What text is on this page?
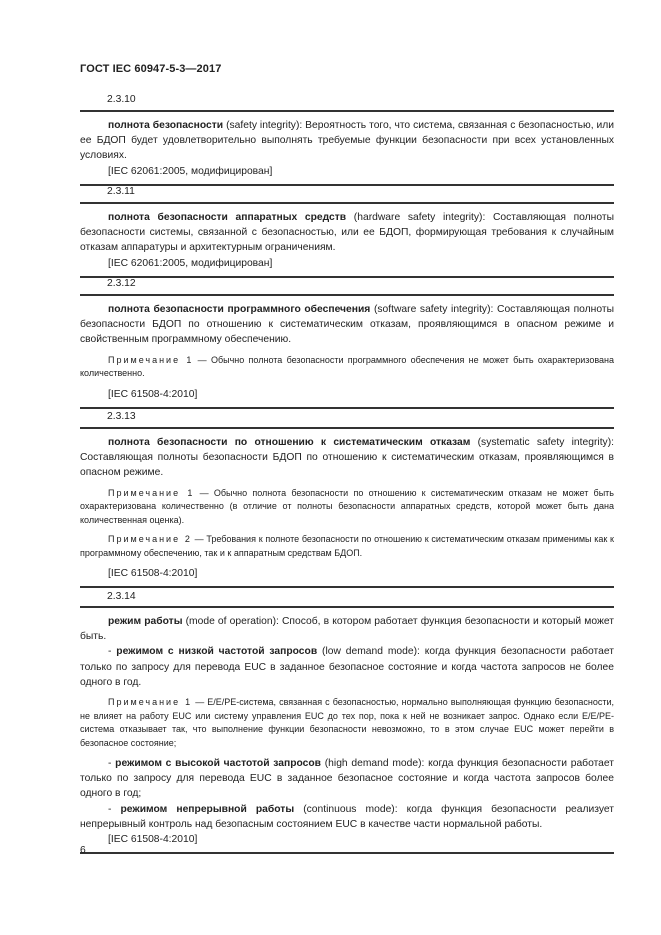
ГОСТ IEC 60947-5-3—2017
2.3.10

полнота безопасности (safety integrity): Вероятность того, что система, связанная с безопасностью, или ее БДОП будет удовлетворительно выполнять требуемые функции безопасности при всех установленных условиях.

[IEC 62061:2005, модифицирован]

2.3.11

полнота безопасности аппаратных средств (hardware safety integrity): Составляющая полноты безопасности системы, связанной с безопасностью, или ее БДОП, формирующая требования к случайным отказам аппаратуры и архитектурным ограничениям.

[IEC 62061:2005, модифицирован]

2.3.12

полнота безопасности программного обеспечения (software safety integrity): Составляющая полноты безопасности БДОП по отношению к систематическим отказам, проявляющимся в опасном режиме и свойственным программному обеспечению.

Примечание 1 — Обычно полнота безопасности программного обеспечения не может быть охарактеризована количественно.

[IEC 61508-4:2010]

2.3.13

полнота безопасности по отношению к систематическим отказам (systematic safety integrity): Составляющая полноты безопасности БДОП по отношению к систематическим отказам, проявляющимся в опасном режиме.

Примечание 1 — Обычно полнота безопасности по отношению к систематическим отказам не может быть охарактеризована количественно (в отличие от полноты безопасности аппаратных средств, которой может быть дана количественная оценка).

Примечание 2 — Требования к полноте безопасности по отношению к систематическим отказам применимы как к программному обеспечению, так и к аппаратным средствам БДОП.

[IEC 61508-4:2010]

2.3.14

режим работы (mode of operation): Способ, в котором работает функция безопасности и который может быть.

- режимом с низкой частотой запросов (low demand mode): когда функция безопасности работает только по запросу для перевода EUC в заданное безопасное состояние и когда частота запросов не более одного в год.

Примечание 1 — E/E/PE-система, связанная с безопасностью, нормально выполняющая функцию безопасности, не влияет на работу EUC или систему управления EUC до тех пор, пока к ней не возникает запрос. Однако если E/E/PE-система отказывает так, что выполнение функции безопасности невозможно, то в этом случае EUC может перейти в безопасное состояние;

- режимом с высокой частотой запросов (high demand mode): когда функция безопасности работает только по запросу для перевода EUC в заданное безопасное состояние и когда частота запросов более одного в год;

- режимом непрерывной работы (continuous mode): когда функция безопасности реализует непрерывный контроль над безопасным состоянием EUC в качестве части нормальной работы.

[IEC 61508-4:2010]

6
